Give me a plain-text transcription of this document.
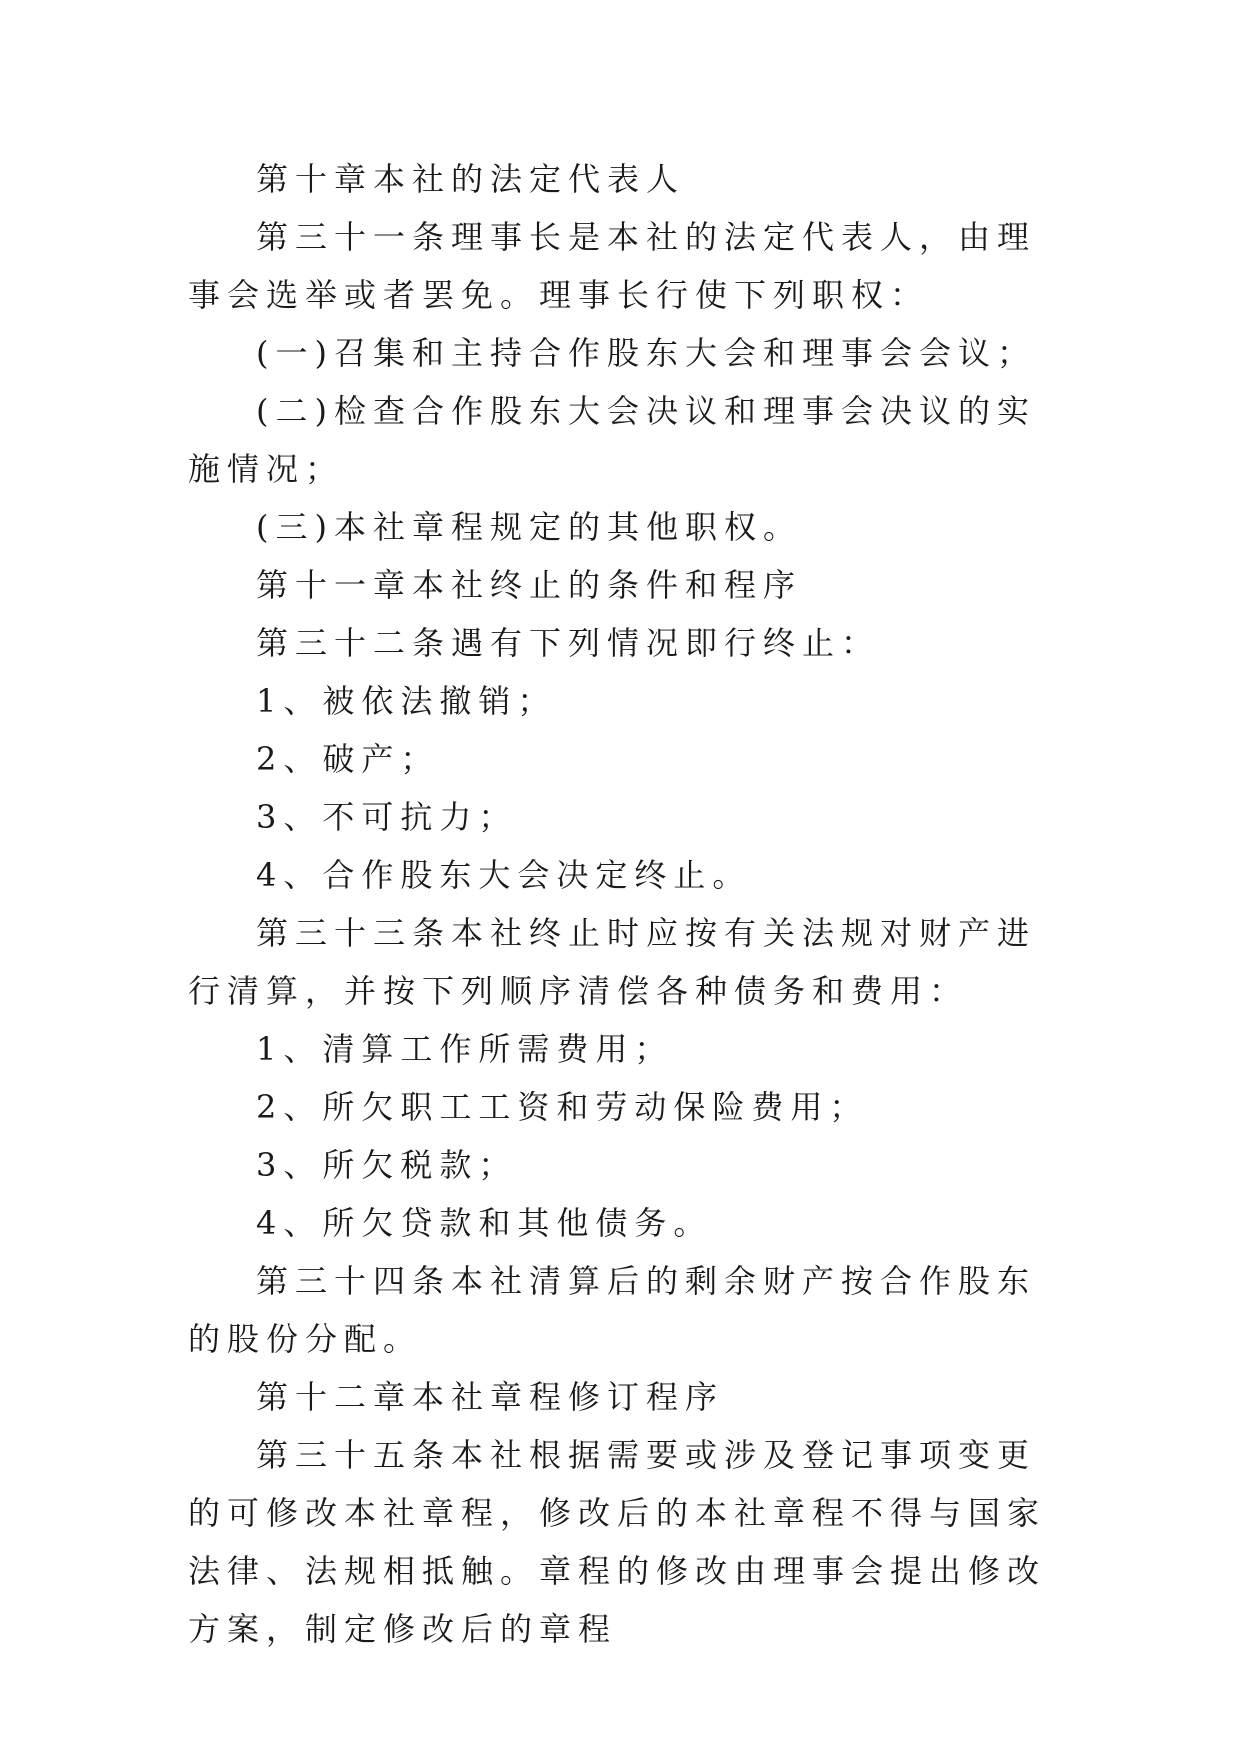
第十章本社的法定代表人

第三十一条理事长是本社的法定代表人，由理事会选举或者罢免。理事长行使下列职权：

(一)召集和主持合作股东大会和理事会会议；

(二)检查合作股东大会决议和理事会决议的实施情况；

(三)本社章程规定的其他职权。

第十一章本社终止的条件和程序

第三十二条遇有下列情况即行终止：

1、被依法撤销；

2、破产；

3、不可抗力；

4、合作股东大会决定终止。

第三十三条本社终止时应按有关法规对财产进行清算，并按下列顺序清偿各种债务和费用：

1、清算工作所需费用；

2、所欠职工工资和劳动保险费用；

3、所欠税款；

4、所欠贷款和其他债务。

第三十四条本社清算后的剩余财产按合作股东的股份分配。

第十二章本社章程修订程序

第三十五条本社根据需要或涉及登记事项变更的可修改本社章程，修改后的本社章程不得与国家法律、法规相抵触。章程的修改由理事会提出修改方案，制定修改后的章程
